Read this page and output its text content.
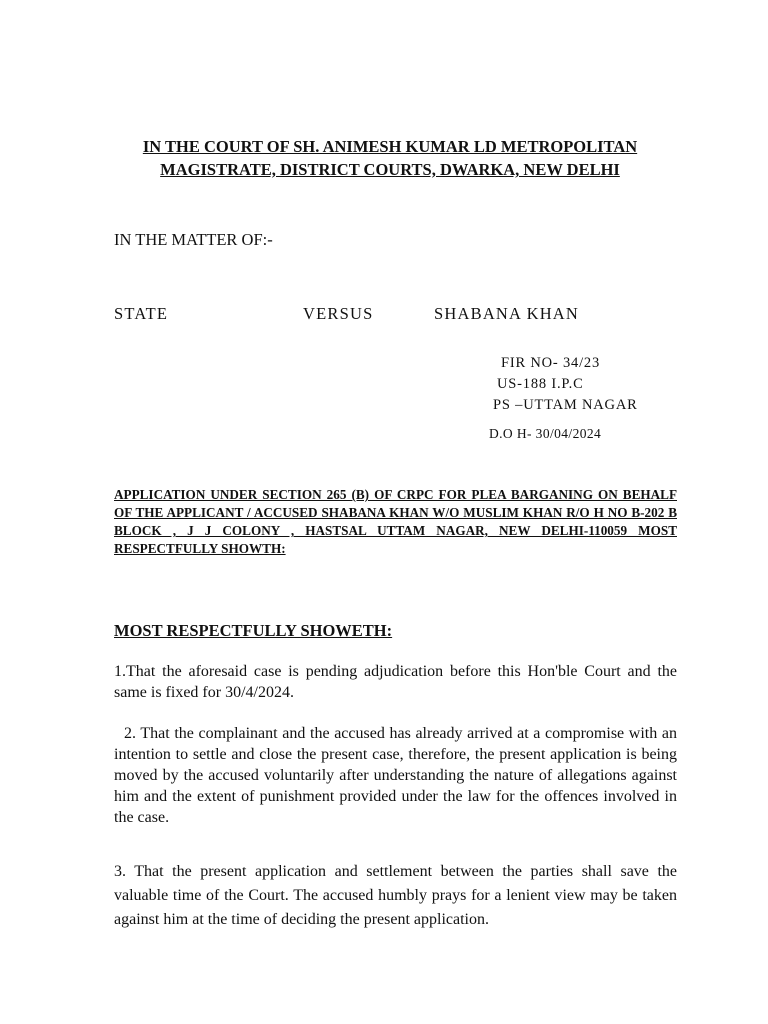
IN THE COURT OF SH. ANIMESH KUMAR LD METROPOLITAN
MAGISTRATE, DISTRICT COURTS, DWARKA, NEW DELHI
IN THE MATTER OF:-
STATE	VERSUS	SHABANA KHAN
FIR NO- 34/23
US-188 I.P.C
PS –UTTAM NAGAR
D.O H- 30/04/2024
APPLICATION UNDER SECTION 265 (B) OF CRPC FOR PLEA BARGANING ON BEHALF OF THE APPLICANT / ACCUSED SHABANA KHAN W/O MUSLIM KHAN R/O H NO B-202 B BLOCK , J J COLONY , HASTSAL UTTAM NAGAR, NEW DELHI-110059 MOST RESPECTFULLY SHOWTH:
MOST RESPECTFULLY SHOWETH:
1.That the aforesaid case is pending adjudication before this Hon'ble Court and the same is fixed for 30/4/2024.
2. That the complainant and the accused has already arrived at a compromise with an intention to settle and close the present case, therefore, the present application is being moved by the accused voluntarily after understanding the nature of allegations against him and the extent of punishment provided under the law for the offences involved in the case.
3. That the present application and settlement between the parties shall save the valuable time of the Court. The accused humbly prays for a lenient view may be taken against him at the time of deciding the present application.
